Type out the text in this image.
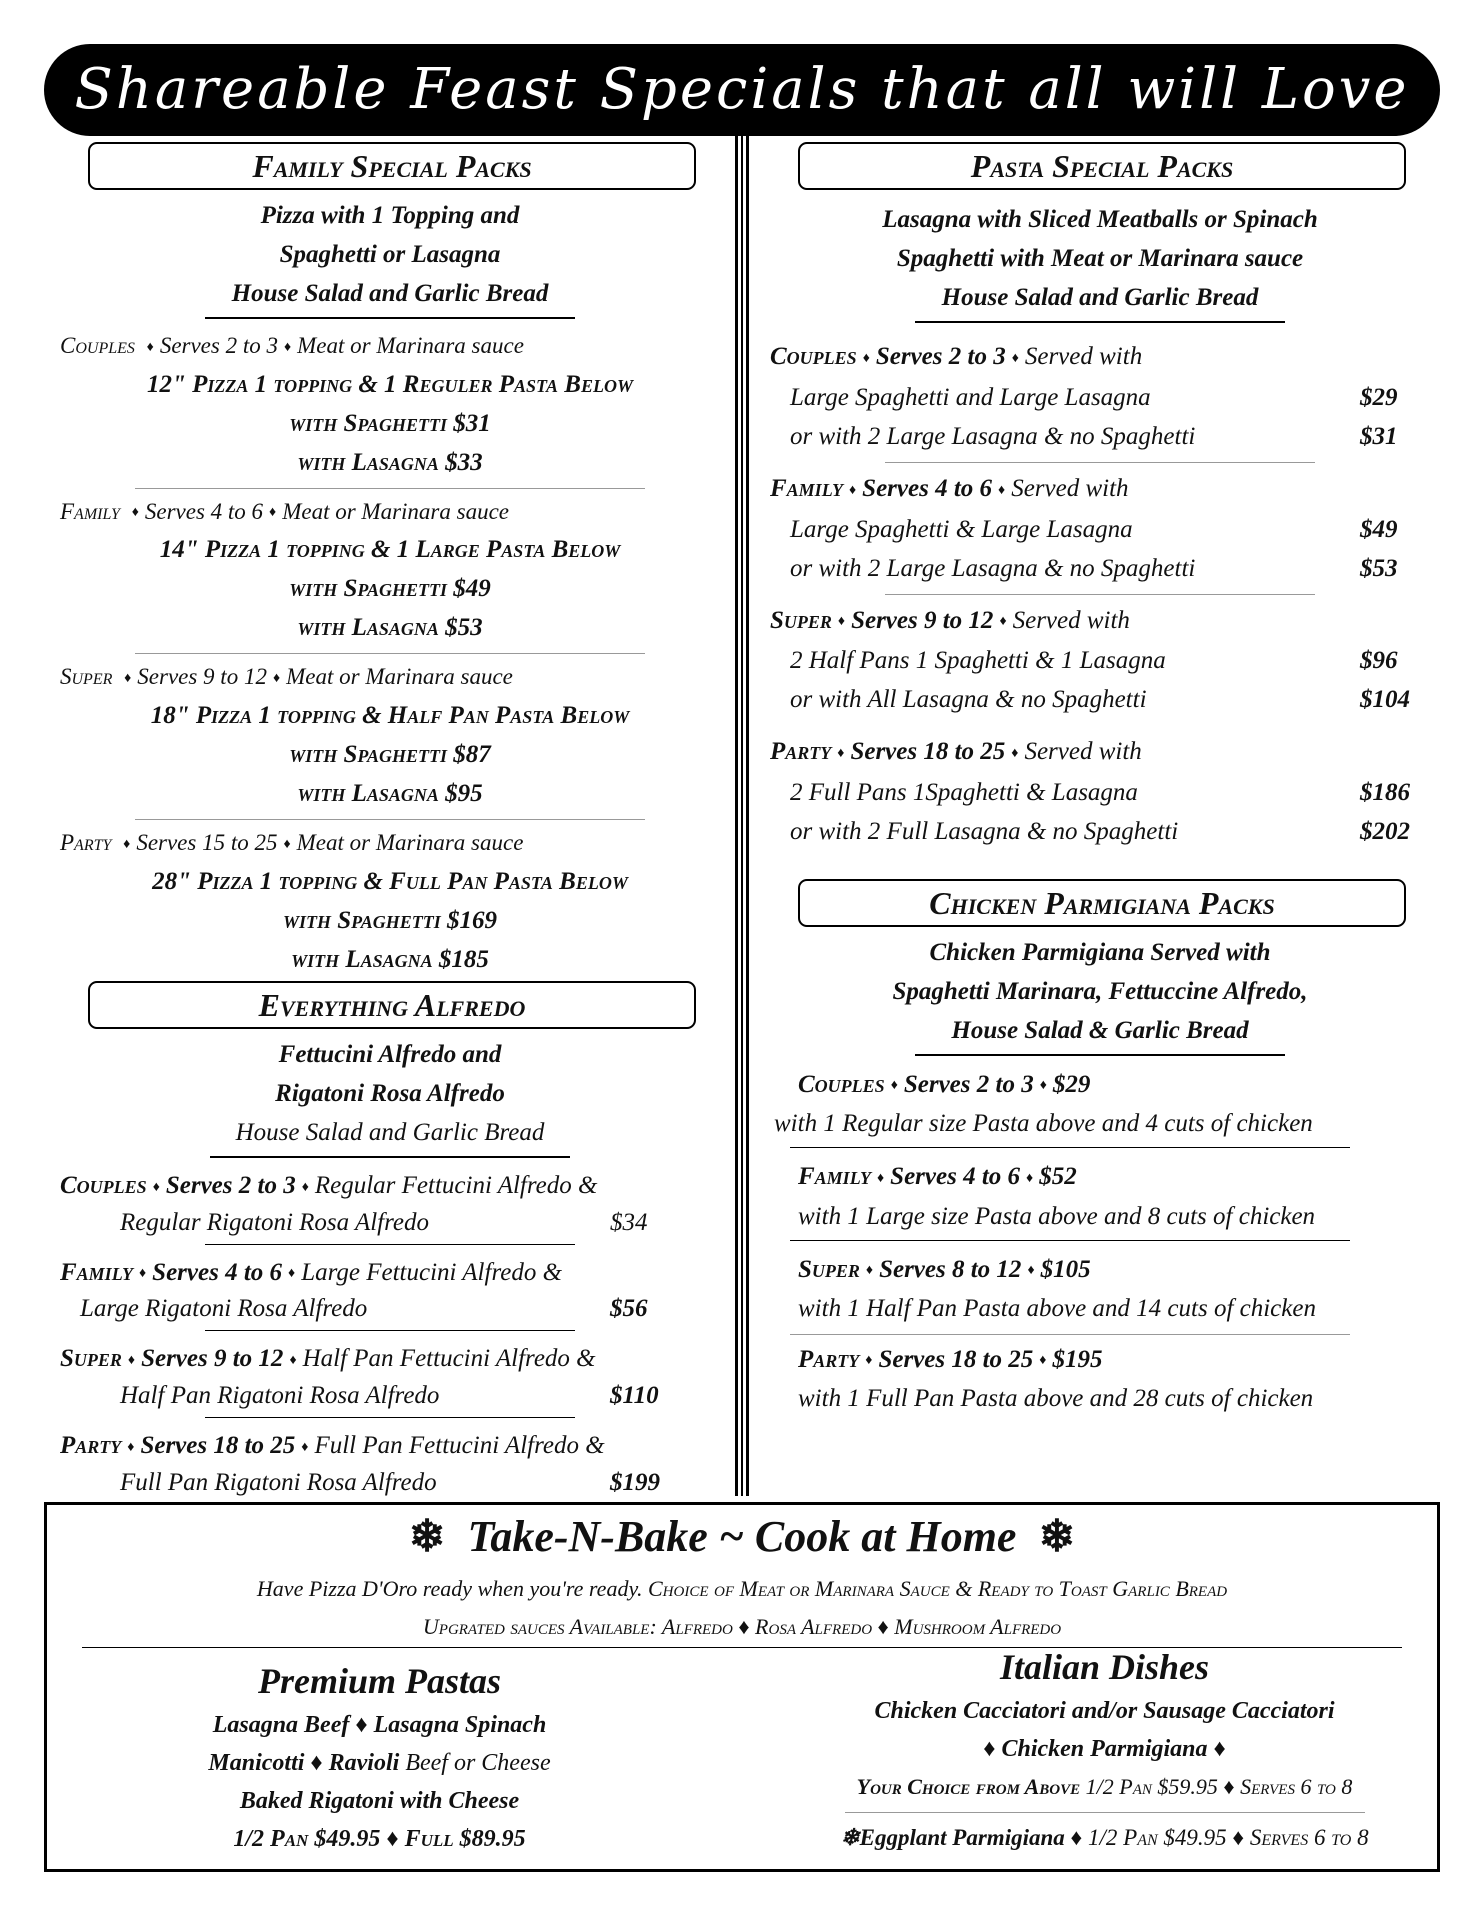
Shareable Feast Specials that all will Love
Family Special Packs
Pizza with 1 Topping and
Spaghetti or Lasagna
House Salad and Garlic Bread
Couples ♦ Serves 2 to 3 ♦ Meat or Marinara sauce
12" Pizza 1 topping & 1 Reguler Pasta Below
with Spaghetti $31
with Lasagna $33
Family ♦ Serves 4 to 6 ♦ Meat or Marinara sauce
14" Pizza 1 topping & 1 Large Pasta Below
with Spaghetti $49
with Lasagna $53
Super ♦ Serves 9 to 12 ♦ Meat or Marinara sauce
18" Pizza 1 topping & Half Pan Pasta Below
with Spaghetti $87
with Lasagna $95
Party ♦ Serves 15 to 25 ♦ Meat or Marinara sauce
28" Pizza 1 topping & Full Pan Pasta Below
with Spaghetti $169
with Lasagna $185
Everything Alfredo
Fettucini Alfredo and
Rigatoni Rosa Alfredo
House Salad and Garlic Bread
Couples ♦ Serves 2 to 3 ♦ Regular Fettucini Alfredo &
Regular Rigatoni Rosa Alfredo	$34
Family ♦ Serves 4 to 6 ♦ Large Fettucini Alfredo &
Large Rigatoni Rosa Alfredo	$56
Super ♦ Serves 9 to 12 ♦ Half Pan Fettucini Alfredo &
Half Pan Rigatoni Rosa Alfredo	$110
Party ♦ Serves 18 to 25 ♦ Full Pan Fettucini Alfredo &
Full Pan Rigatoni Rosa Alfredo	$199
Pasta Special Packs
Lasagna with Sliced Meatballs or Spinach
Spaghetti with Meat or Marinara sauce
House Salad and Garlic Bread
Couples ♦ Serves 2 to 3 ♦ Served with
Large Spaghetti and Large Lasagna	$29
or with 2 Large Lasagna & no Spaghetti	$31
Family ♦ Serves 4 to 6 ♦ Served with
Large Spaghetti & Large Lasagna	$49
or with 2 Large Lasagna & no Spaghetti	$53
Super ♦ Serves 9 to 12 ♦ Served with
2 Half Pans 1 Spaghetti & 1 Lasagna	$96
or with All Lasagna & no Spaghetti	$104
Party ♦ Serves 18 to 25 ♦ Served with
2 Full Pans 1Spaghetti & Lasagna	$186
or with 2 Full Lasagna & no Spaghetti	$202
Chicken Parmigiana Packs
Chicken Parmigiana Served with
Spaghetti Marinara, Fettuccine Alfredo,
House Salad & Garlic Bread
Couples ♦ Serves 2 to 3 ♦ $29
with 1 Regular size Pasta above and 4 cuts of chicken
Family ♦ Serves 4 to 6 ♦ $52
with 1 Large size Pasta above and 8 cuts of chicken
Super ♦ Serves 8 to 12 ♦ $105
with 1 Half Pan Pasta above and 14 cuts of chicken
Party ♦ Serves 18 to 25 ♦ $195
with 1 Full Pan Pasta above and 28 cuts of chicken
❄ Take-N-Bake ~ Cook at Home ❄
Have Pizza D'Oro ready when you're ready. Choice of Meat or Marinara Sauce & Ready to Toast Garlic Bread
Upgrated sauces Available: Alfredo ♦ Rosa Alfredo ♦ Mushroom Alfredo
Premium Pastas

Lasagna Beef ♦ Lasagna Spinach

Manicotti ♦ Ravioli Beef or Cheese

Baked Rigatoni with Cheese

1/2 Pan $49.95 ♦ Full $89.95

Italian Dishes

Chicken Cacciatori and/or Sausage Cacciatori

♦ Chicken Parmigiana ♦

Your Choice from Above 1/2 Pan $59.95 ♦ Serves 6 to 8

❄Eggplant Parmigiana ♦ 1/2 Pan $49.95 ♦ Serves 6 to 8
